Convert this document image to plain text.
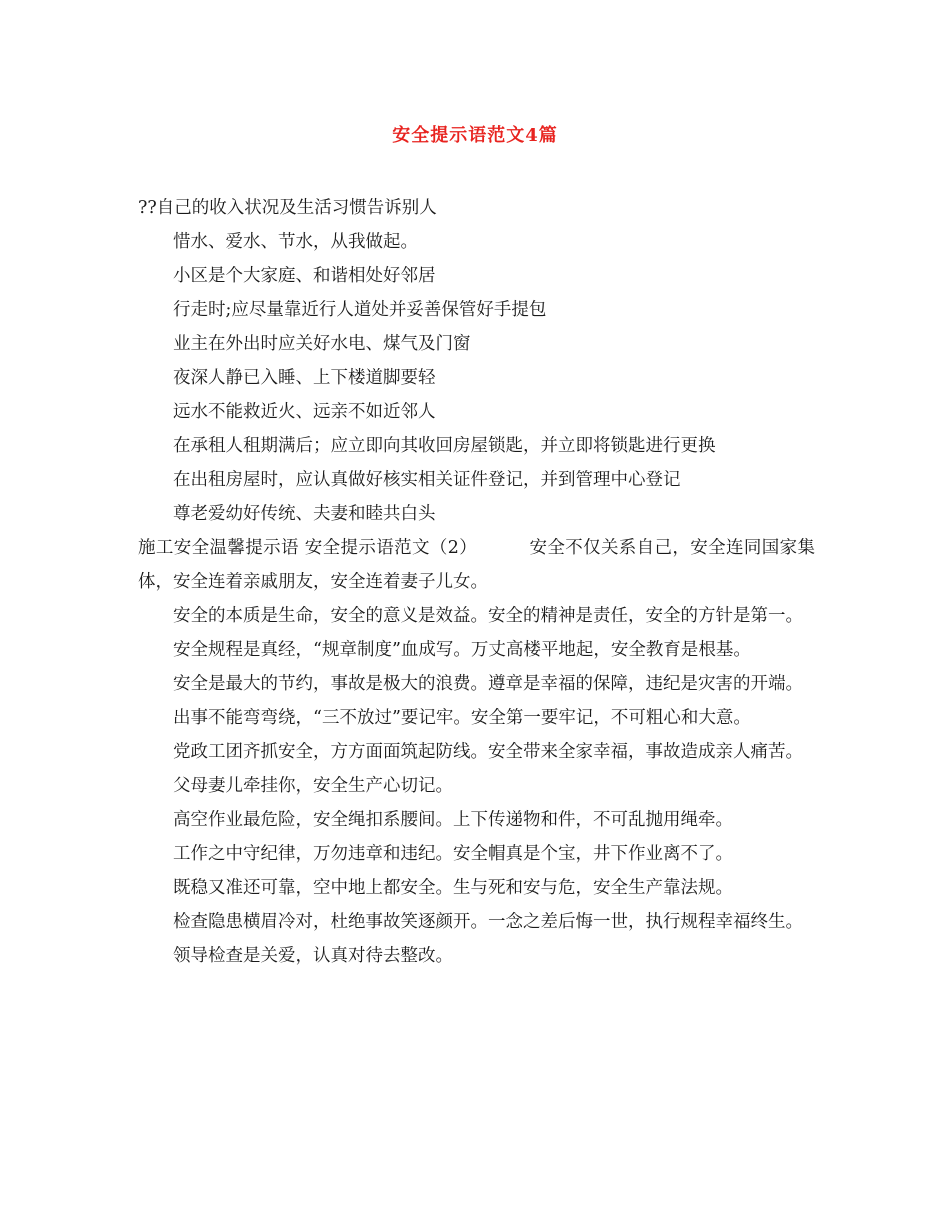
安全提示语范文4篇

??自己的收入状况及生活习惯告诉别人

惜水、爱水、节水，从我做起。

小区是个大家庭、和谐相处好邻居

行走时;应尽量靠近行人道处并妥善保管好手提包

业主在外出时应关好水电、煤气及门窗

夜深人静已入睡、上下楼道脚要轻

远水不能救近火、远亲不如近邻人

在承租人租期满后；应立即向其收回房屋锁匙，并立即将锁匙进行更换

在出租房屋时，应认真做好核实相关证件登记，并到管理中心登记

尊老爱幼好传统、夫妻和睦共白头

施工安全温馨提示语 安全提示语范文（2）	安全不仅关系自己，安全连同国家集体，安全连着亲戚朋友，安全连着妻子儿女。

安全的本质是生命，安全的意义是效益。安全的精神是责任，安全的方针是第一。

安全规程是真经，“规章制度”血成写。万丈高楼平地起，安全教育是根基。

安全是最大的节约，事故是极大的浪费。遵章是幸福的保障，违纪是灾害的开端。

出事不能弯弯绕，“三不放过”要记牢。安全第一要牢记，不可粗心和大意。

党政工团齐抓安全，方方面面筑起防线。安全带来全家幸福，事故造成亲人痛苦。

父母妻儿牵挂你，安全生产心切记。

高空作业最危险，安全绳扣系腰间。上下传递物和件，不可乱抛用绳牵。

工作之中守纪律，万勿违章和违纪。安全帽真是个宝，井下作业离不了。

既稳又准还可靠，空中地上都安全。生与死和安与危，安全生产靠法规。

检查隐患横眉冷对，杜绝事故笑逐颜开。一念之差后悔一世，执行规程幸福终生。

领导检查是关爱，认真对待去整改。
